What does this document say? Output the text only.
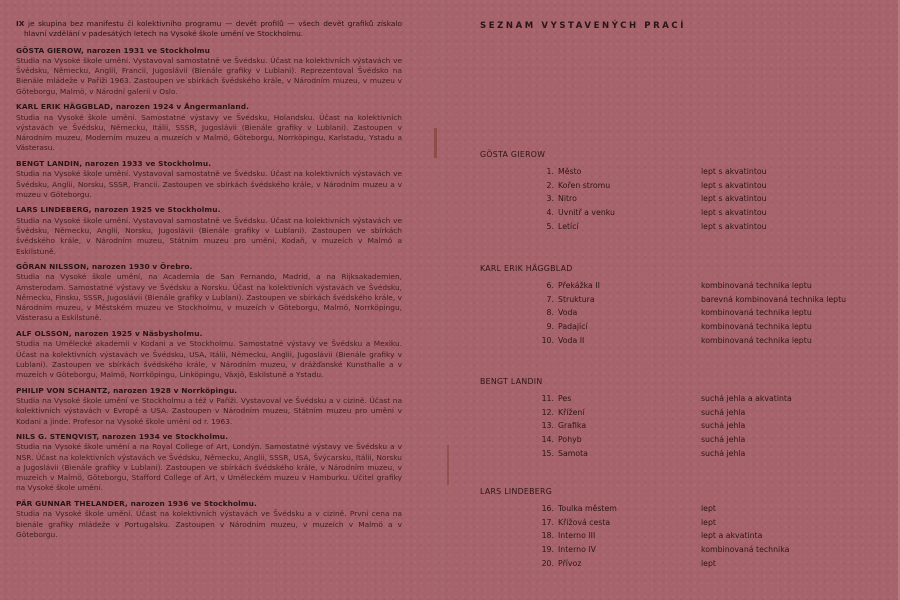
IX je skupina bez manifestu či kolektivního programu — devět profilů — všech devět grafiků získalo hlavní vzdělání v padesátých letech na Vysoké škole umění ve Stockholmu.

GÖSTA GIEROW, narozen 1931 ve Stockholmu
Studia na Vysoké škole umění. Vystavoval samostatně ve Švédsku. Účast na kolektivních výstavách ve Švédsku, Německu, Anglii, Francii, Jugoslávii (Bienále grafiky v Lublani). Reprezentoval Švédsko na Bienále mládeže v Paříži 1963. Zastoupen ve sbírkách švédského krále, v Národním muzeu, v muzeu v Göteborgu, Malmö, v Národní galerii v Oslo.
KARL ERIK HÄGGBLAD, narozen 1924 v Ångermanland.
Studia na Vysoké škole umění. Samostatné výstavy ve Švédsku, Holandsku. Účast na kolektivních výstavách ve Švédsku, Německu, Itálii, SSSR, Jugoslávii (Bienále grafiky v Lublani). Zastoupen v Národním muzeu, Moderním muzeu a muzeích v Malmö, Göteborgu, Norrköpingu, Karlstadu, Ystadu a Västerasu.
BENGT LANDIN, narozen 1933 ve Stockholmu.
Studia na Vysoké škole umění. Vystavoval samostatně ve Švédsku. Účast na kolektivních výstavách ve Švédsku, Anglii, Norsku, SSSR, Francii. Zastoupen ve sbírkách švédského krále, v Národním muzeu a v muzeu v Göteborgu.
LARS LINDEBERG, narozen 1925 ve Stockholmu.
Studia na Vysoké škole umění. Vystavoval samostatně ve Švédsku. Účast na kolektivních výstavách ve Švédsku, Německu, Anglii, Norsku, Jugoslávii (Bienále grafiky v Lublani). Zastoupen ve sbírkách švédského krále, v Národním muzeu, Státním muzeu pro umění, Kodaň, v muzeích v Malmö a Eskilstuně.
GÖRAN NILSSON, narozen 1930 v Örebro.
Studia na Vysoké škole umění, na Academia de San Fernando, Madrid, a na Rijksakademien, Amsterodam. Samostatné výstavy ve Švédsku a Norsku. Účast na kolektivních výstavách ve Švédsku, Německu, Finsku, SSSR, Jugoslávii (Bienále grafiky v Lublani). Zastoupen ve sbírkách švédského krále, v Národním muzeu, v Městském muzeu ve Stockholmu, v muzeích v Göteborgu, Malmö, Norrköpingu, Västerasu a Eskilstuně.
ALF OLSSON, narozen 1925 v Näsbysholmu.
Studia na Umělecké akademii v Kodani a ve Stockholmu. Samostatné výstavy ve Švédsku a Mexiku. Účast na kolektivních výstavách ve Švédsku, USA, Itálii, Německu, Anglii, Jugoslávii (Bienále grafiky v Lublani). Zastoupen ve sbírkách švédského krále, v Národním muzeu, v drážďanské Kunsthalle a v muzeích v Göteborgu, Malmö, Norrköpingu, Linköpingu, Växjö, Eskilstuně a Ystadu.
PHILIP VON SCHANTZ, narozen 1928 v Norrköpingu.
Studia na Vysoké škole umění ve Stockholmu a též v Paříži. Vystavoval ve Švédsku a v cizině. Účast na kolektivních výstavách v Evropě a USA. Zastoupen v Národním muzeu, Státním muzeu pro umění v Kodani a jinde. Profesor na Vysoké škole umění od r. 1963.
NILS G. STENQVIST, narozen 1934 ve Stockholmu.
Studia na Vysoké škole umění a na Royal College of Art, Londýn. Samostatné výstavy ve Švédsku a v NSR. Účast na kolektivních výstavách ve Švédsku, Německu, Anglii, SSSR, USA, Švýcarsku, Itálii, Norsku a Jugoslávii (Bienále grafiky v Lublani). Zastoupen ve sbírkách švédského krále, v Národním muzeu, v muzeích v Malmö, Göteborgu, Stafford College of Art, v Uměleckém muzeu v Hamburku. Učitel grafiky na Vysoké škole umění.
PÄR GUNNAR THELANDER, narozen 1936 ve Stockholmu.
Studia na Vysoké škole umění. Účast na kolektivních výstavách ve Švédsku a v cizině. První cena na bienále grafiky mládeže v Portugalsku. Zastoupen v Národním muzeu, v muzeích v Malmö a v Göteborgu.
SEZNAM VYSTAVENÝCH PRACÍ
GÖSTA GIEROW
1. Město	lept s akvatintou
2. Kořen stromu	lept s akvatintou
3. Nitro	lept s akvatintou
4. Uvnitř a venku	lept s akvatintou
5. Letící	lept s akvatintou
KARL ERIK HÄGGBLAD
6. Překážka II	kombinovaná technika leptu
7. Struktura	barevná kombinovaná technika leptu
8. Voda	kombinovaná technika leptu
9. Padající	kombinovaná technika leptu
10. Voda II	kombinovaná technika leptu
BENGT LANDIN
11. Pes	suchá jehla a akvatinta
12. Křížení	suchá jehla
13. Grafika	suchá jehla
14. Pohyb	suchá jehla
15. Samota	suchá jehla
LARS LINDEBERG
16. Toulka městem	lept
17. Křížová cesta	lept
18. Interno III	lept a akvatinta
19. Interno IV	kombinovaná technika
20. Přívoz	lept
